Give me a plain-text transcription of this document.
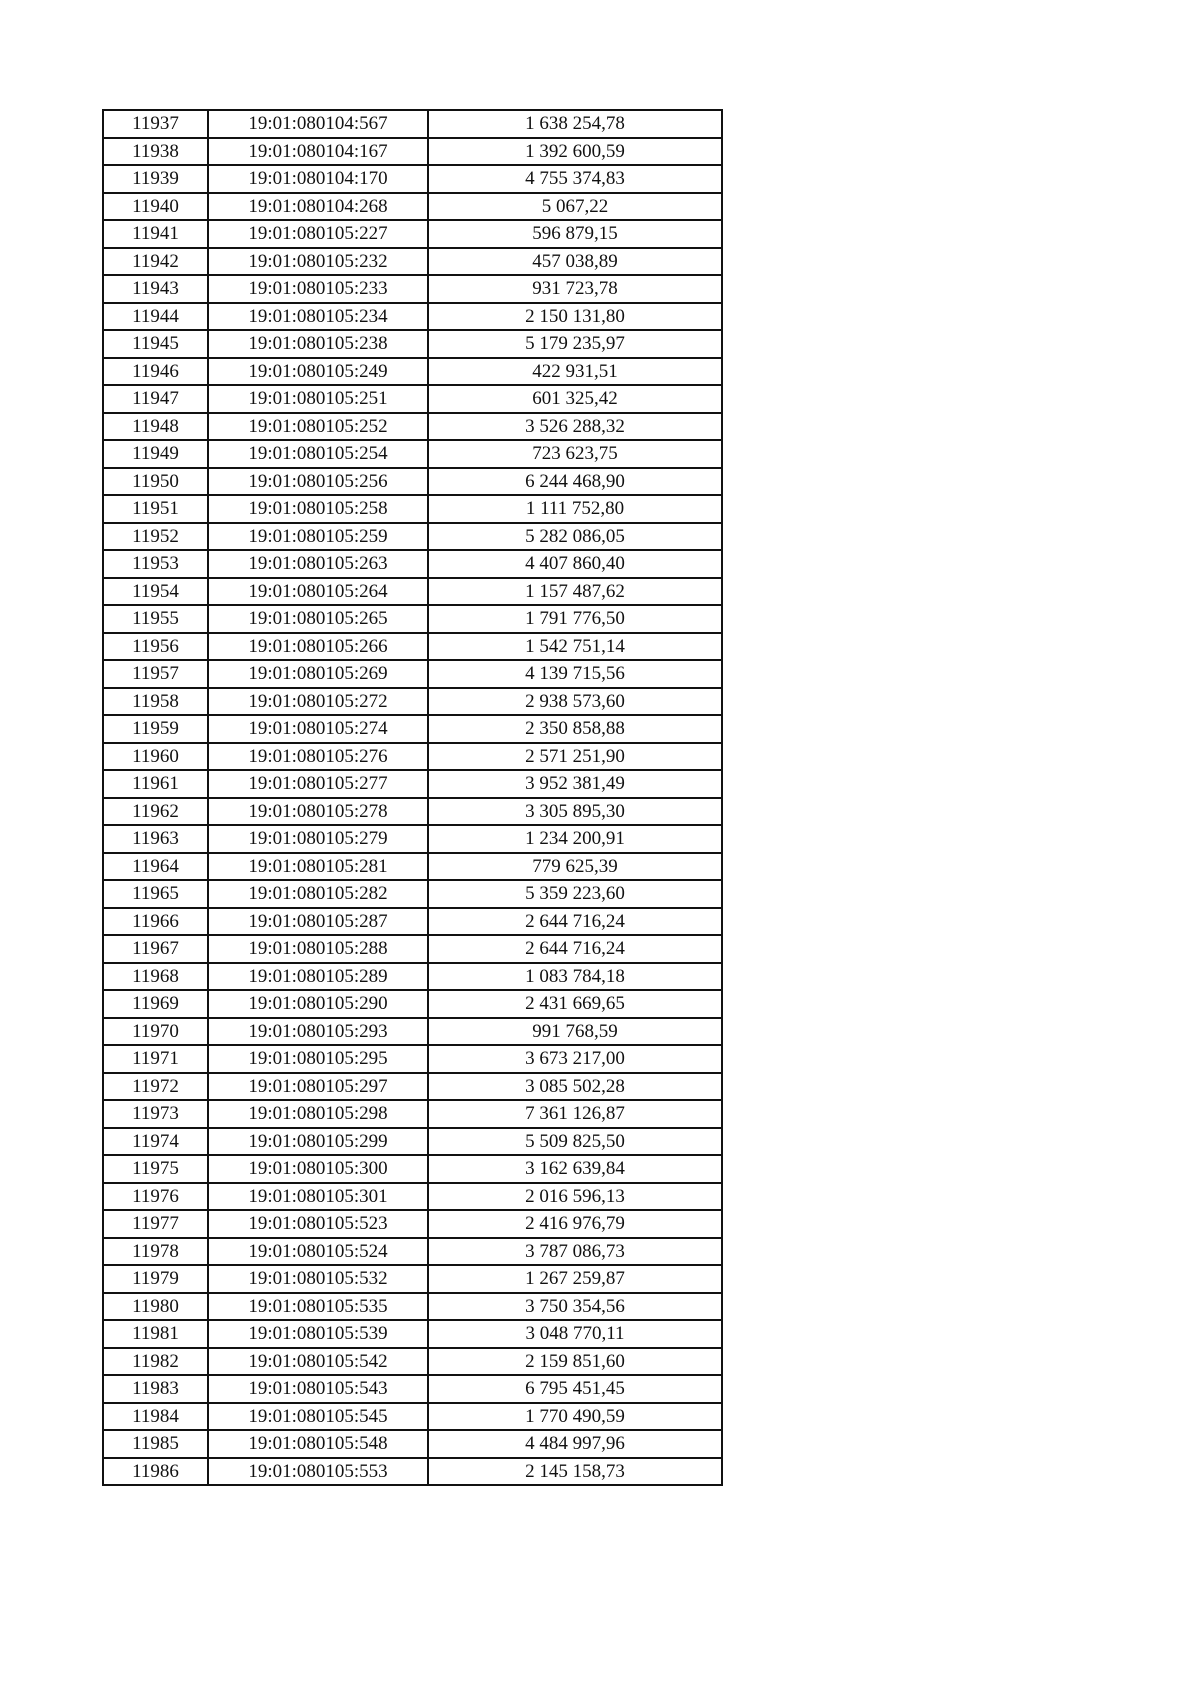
11937	19:01:080104:567	1 638 254,78
11938	19:01:080104:167	1 392 600,59
11939	19:01:080104:170	4 755 374,83
11940	19:01:080104:268	5 067,22
11941	19:01:080105:227	596 879,15
11942	19:01:080105:232	457 038,89
11943	19:01:080105:233	931 723,78
11944	19:01:080105:234	2 150 131,80
11945	19:01:080105:238	5 179 235,97
11946	19:01:080105:249	422 931,51
11947	19:01:080105:251	601 325,42
11948	19:01:080105:252	3 526 288,32
11949	19:01:080105:254	723 623,75
11950	19:01:080105:256	6 244 468,90
11951	19:01:080105:258	1 111 752,80
11952	19:01:080105:259	5 282 086,05
11953	19:01:080105:263	4 407 860,40
11954	19:01:080105:264	1 157 487,62
11955	19:01:080105:265	1 791 776,50
11956	19:01:080105:266	1 542 751,14
11957	19:01:080105:269	4 139 715,56
11958	19:01:080105:272	2 938 573,60
11959	19:01:080105:274	2 350 858,88
11960	19:01:080105:276	2 571 251,90
11961	19:01:080105:277	3 952 381,49
11962	19:01:080105:278	3 305 895,30
11963	19:01:080105:279	1 234 200,91
11964	19:01:080105:281	779 625,39
11965	19:01:080105:282	5 359 223,60
11966	19:01:080105:287	2 644 716,24
11967	19:01:080105:288	2 644 716,24
11968	19:01:080105:289	1 083 784,18
11969	19:01:080105:290	2 431 669,65
11970	19:01:080105:293	991 768,59
11971	19:01:080105:295	3 673 217,00
11972	19:01:080105:297	3 085 502,28
11973	19:01:080105:298	7 361 126,87
11974	19:01:080105:299	5 509 825,50
11975	19:01:080105:300	3 162 639,84
11976	19:01:080105:301	2 016 596,13
11977	19:01:080105:523	2 416 976,79
11978	19:01:080105:524	3 787 086,73
11979	19:01:080105:532	1 267 259,87
11980	19:01:080105:535	3 750 354,56
11981	19:01:080105:539	3 048 770,11
11982	19:01:080105:542	2 159 851,60
11983	19:01:080105:543	6 795 451,45
11984	19:01:080105:545	1 770 490,59
11985	19:01:080105:548	4 484 997,96
11986	19:01:080105:553	2 145 158,73
